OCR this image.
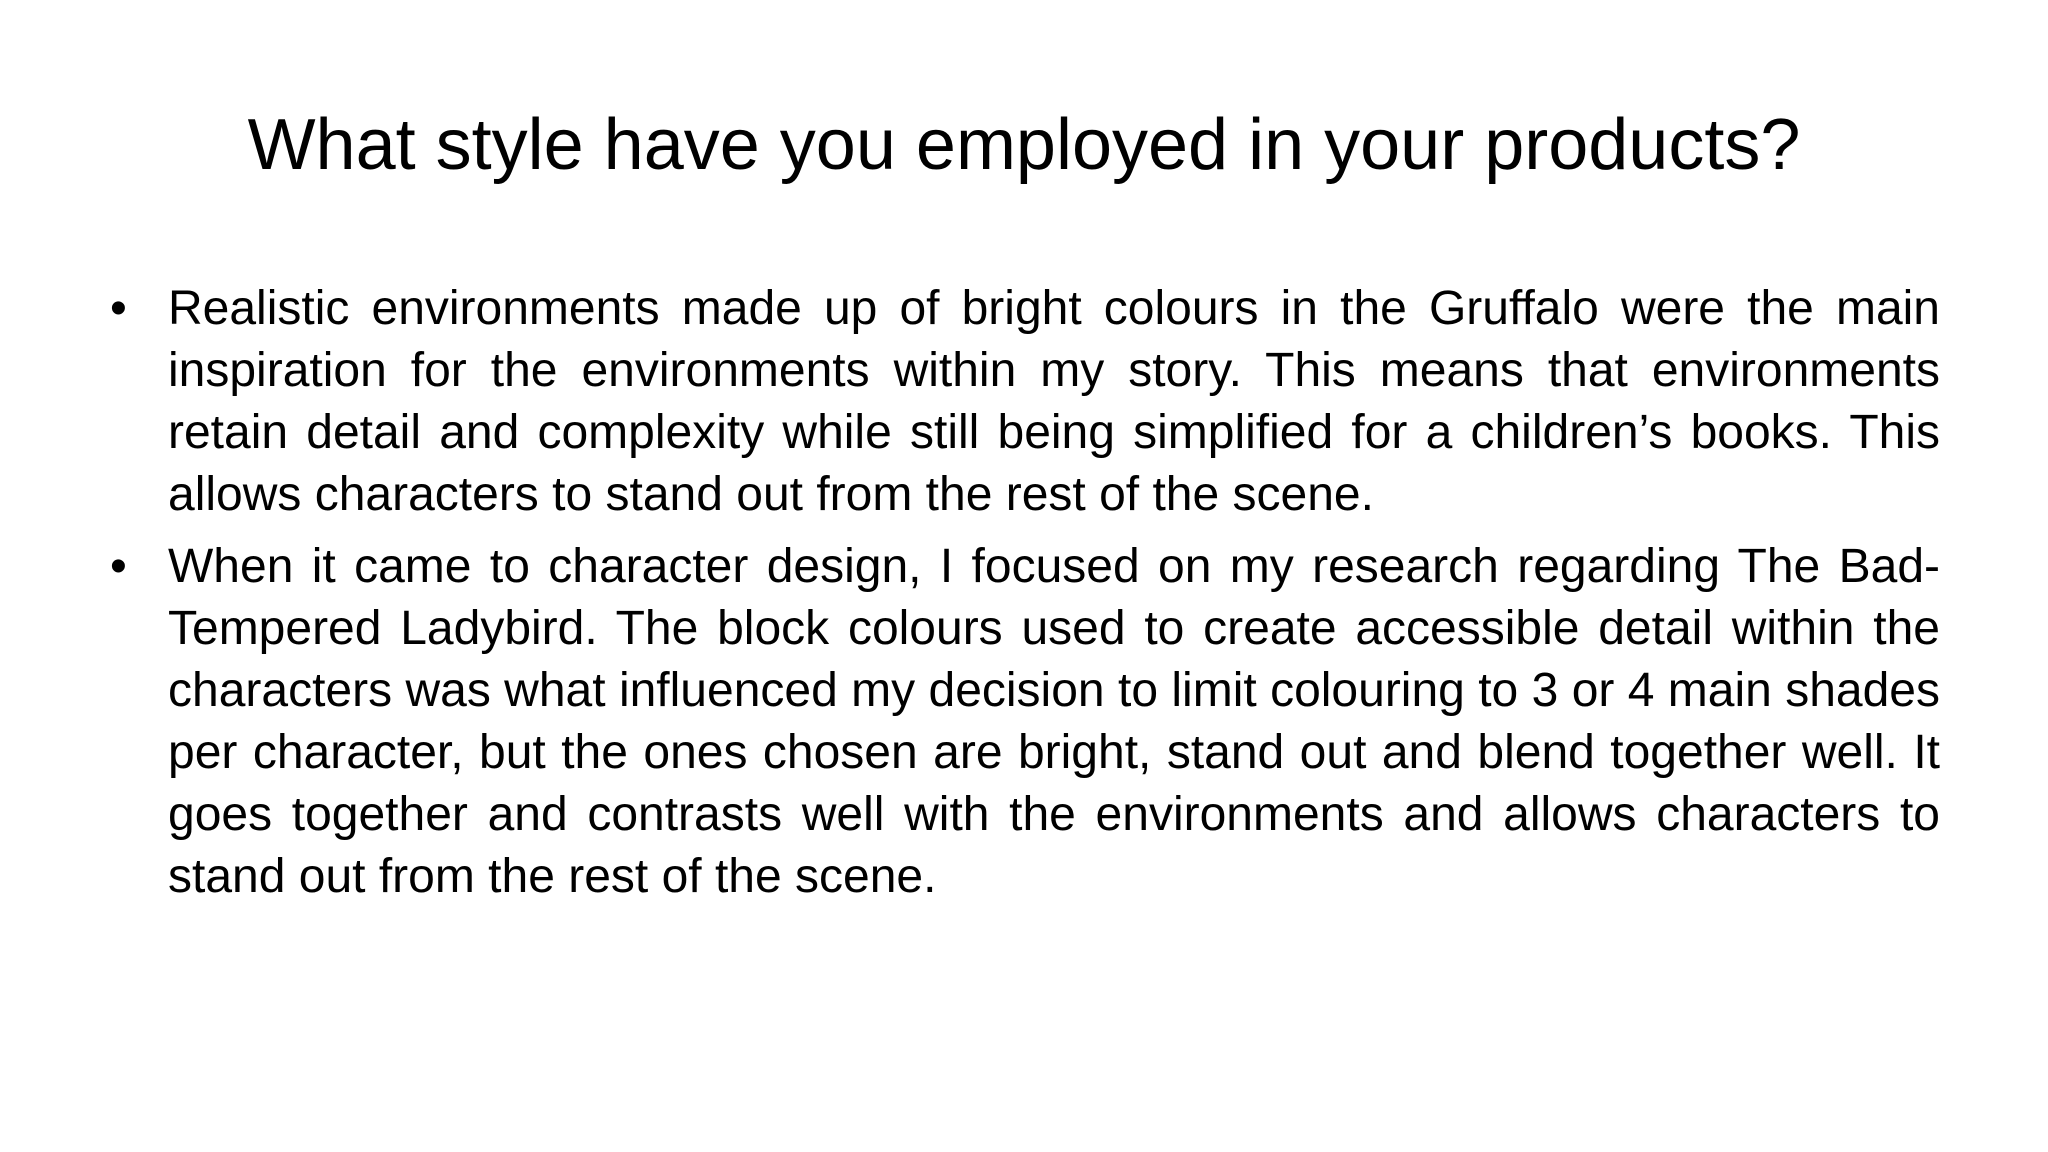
What style have you employed in your products?
• Realistic environments made up of bright colours in the Gruffalo were the main inspiration for the environments within my story. This means that environments retain detail and complexity while still being simplified for a children’s books. This allows characters to stand out from the rest of the scene.
• When it came to character design, I focused on my research regarding The Bad-Tempered Ladybird. The block colours used to create accessible detail within the characters was what influenced my decision to limit colouring to 3 or 4 main shades per character, but the ones chosen are bright, stand out and blend together well. It goes together and contrasts well with the environments and allows characters to stand out from the rest of the scene.
